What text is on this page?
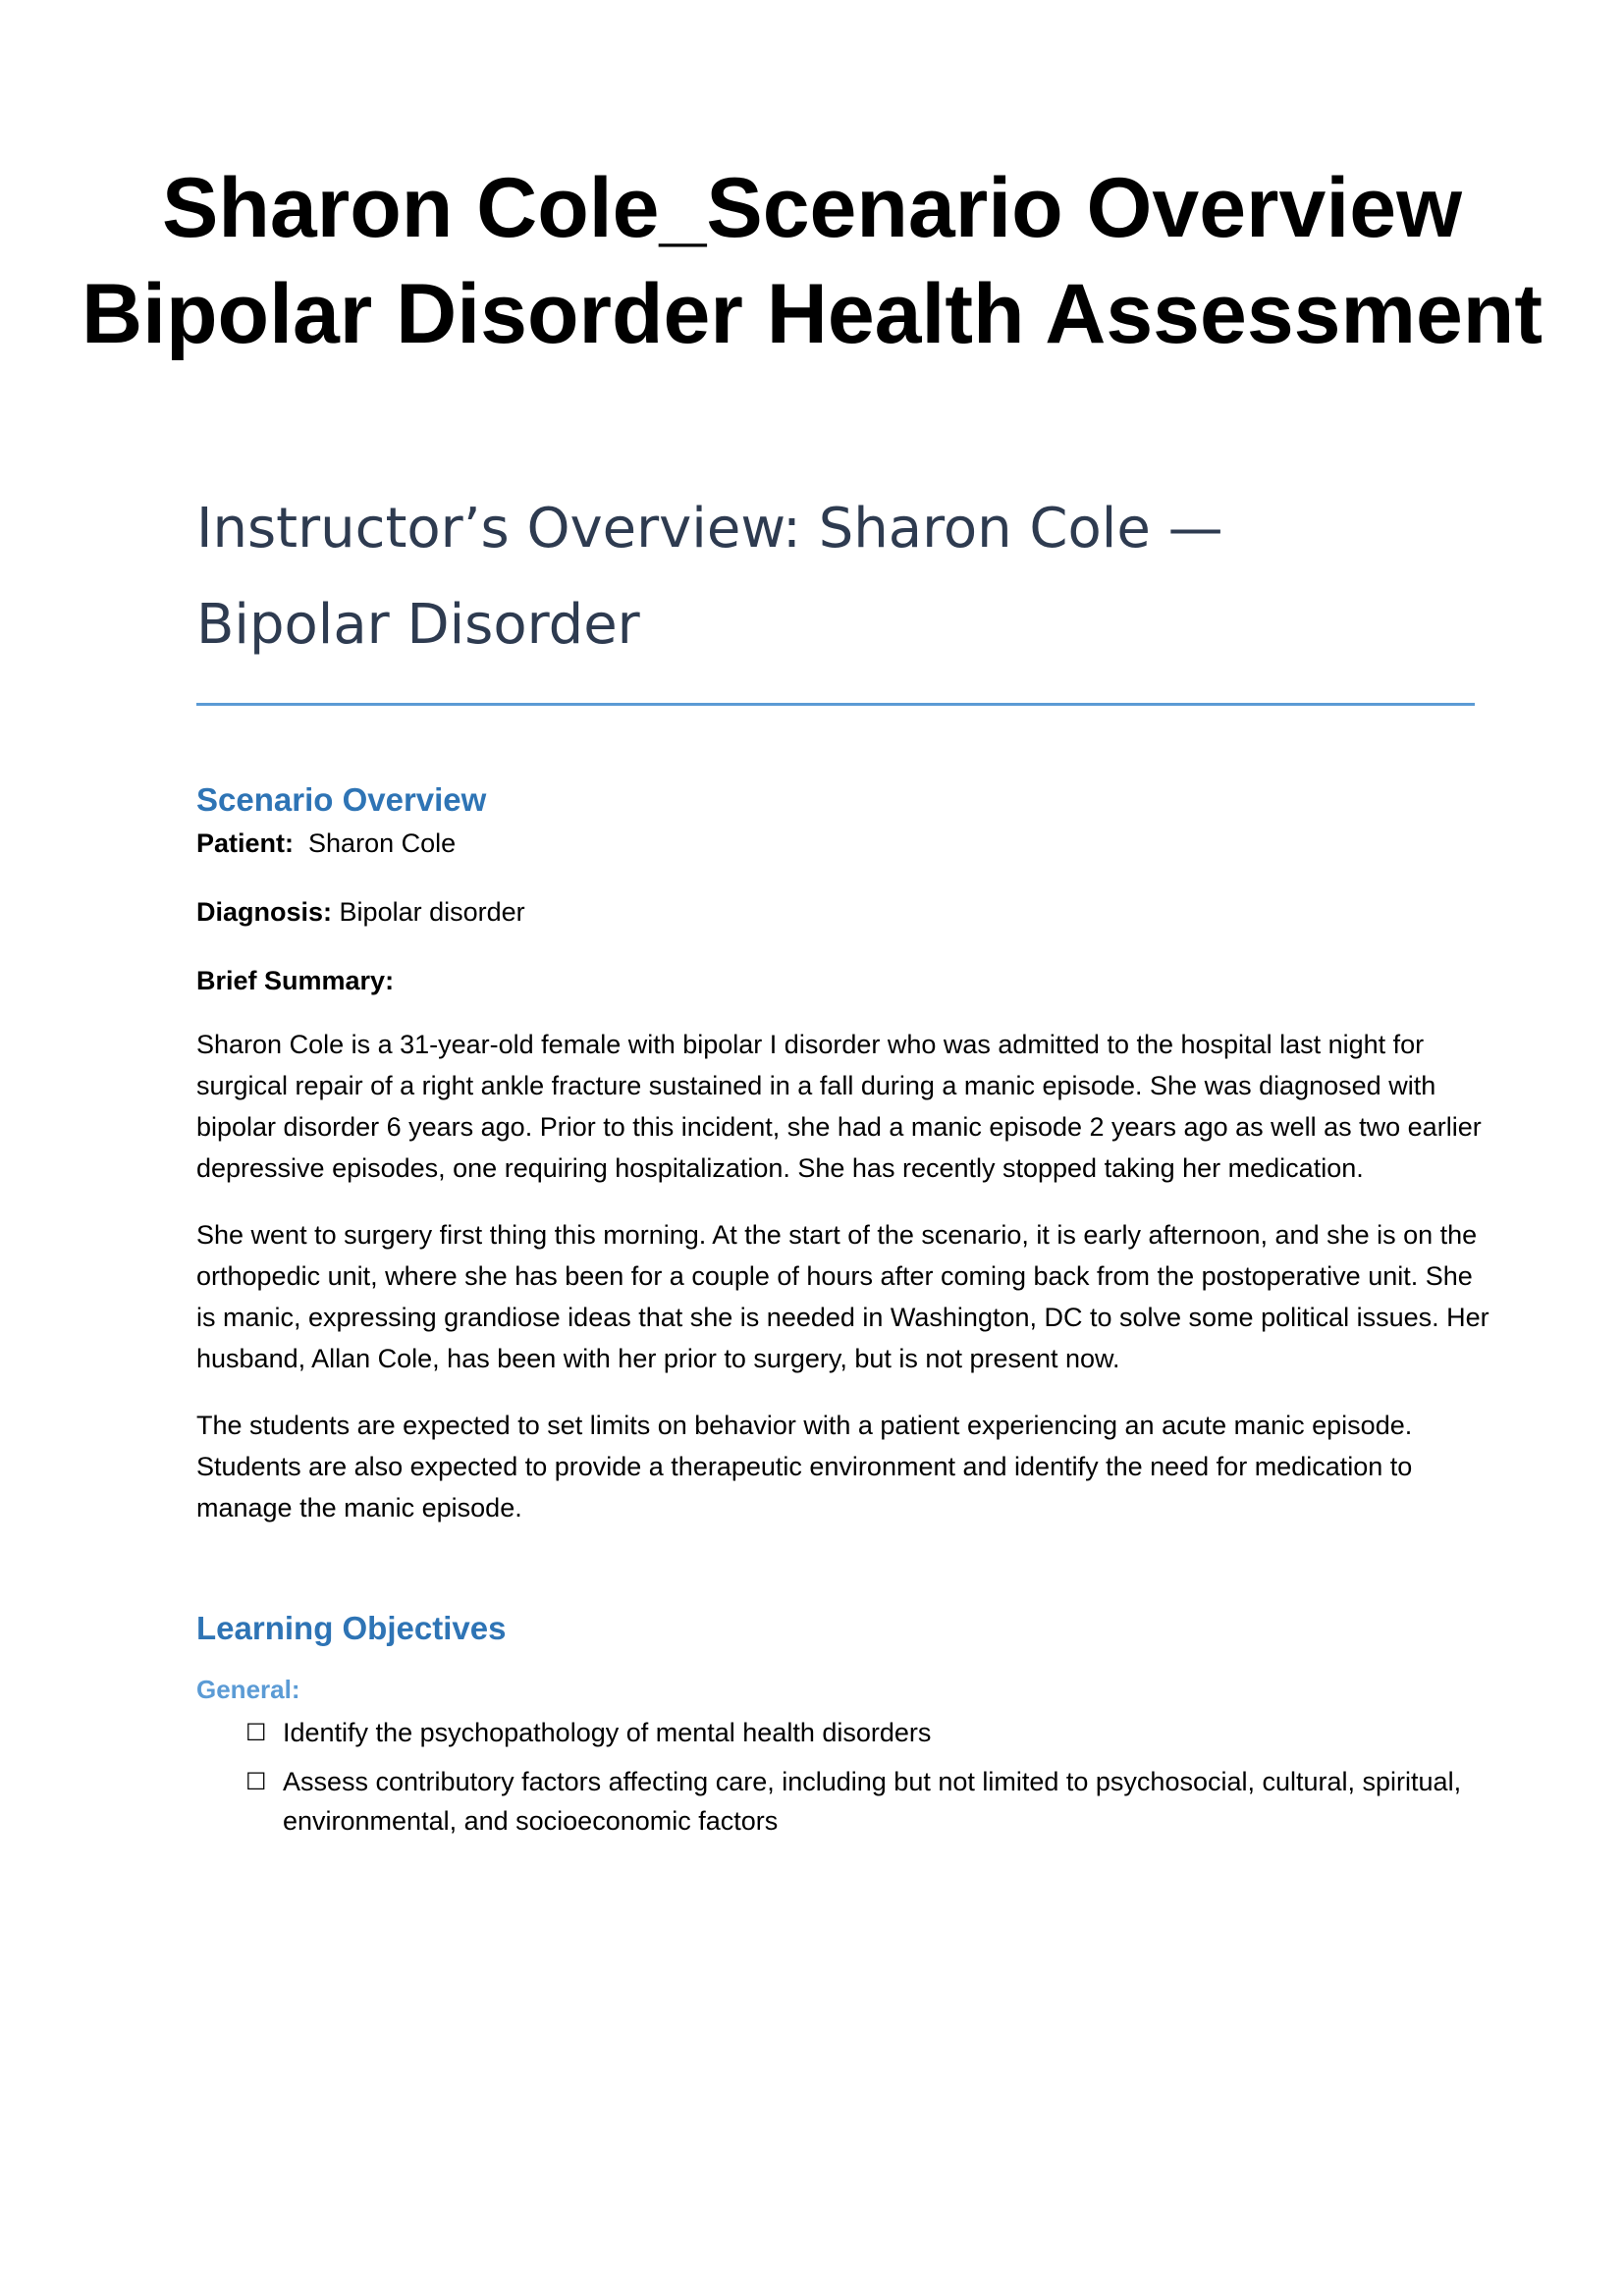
Sharon Cole_Scenario Overview
Bipolar Disorder Health Assessment
Instructor’s Overview: Sharon Cole —
Bipolar Disorder
Scenario Overview

Patient: Sharon Cole

Diagnosis: Bipolar disorder

Brief Summary:

Sharon Cole is a 31-year-old female with bipolar I disorder who was admitted to the hospital last night for surgical repair of a right ankle fracture sustained in a fall during a manic episode. She was diagnosed with bipolar disorder 6 years ago. Prior to this incident, she had a manic episode 2 years ago as well as two earlier depressive episodes, one requiring hospitalization. She has recently stopped taking her medication.

She went to surgery first thing this morning. At the start of the scenario, it is early afternoon, and she is on the orthopedic unit, where she has been for a couple of hours after coming back from the postoperative unit. She is manic, expressing grandiose ideas that she is needed in Washington, DC to solve some political issues. Her husband, Allan Cole, has been with her prior to surgery, but is not present now.

The students are expected to set limits on behavior with a patient experiencing an acute manic episode. Students are also expected to provide a therapeutic environment and identify the need for medication to manage the manic episode.

Learning Objectives
General:
☐ Identify the psychopathology of mental health disorders
☐ Assess contributory factors affecting care, including but not limited to psychosocial, cultural, spiritual, environmental, and socioeconomic factors
